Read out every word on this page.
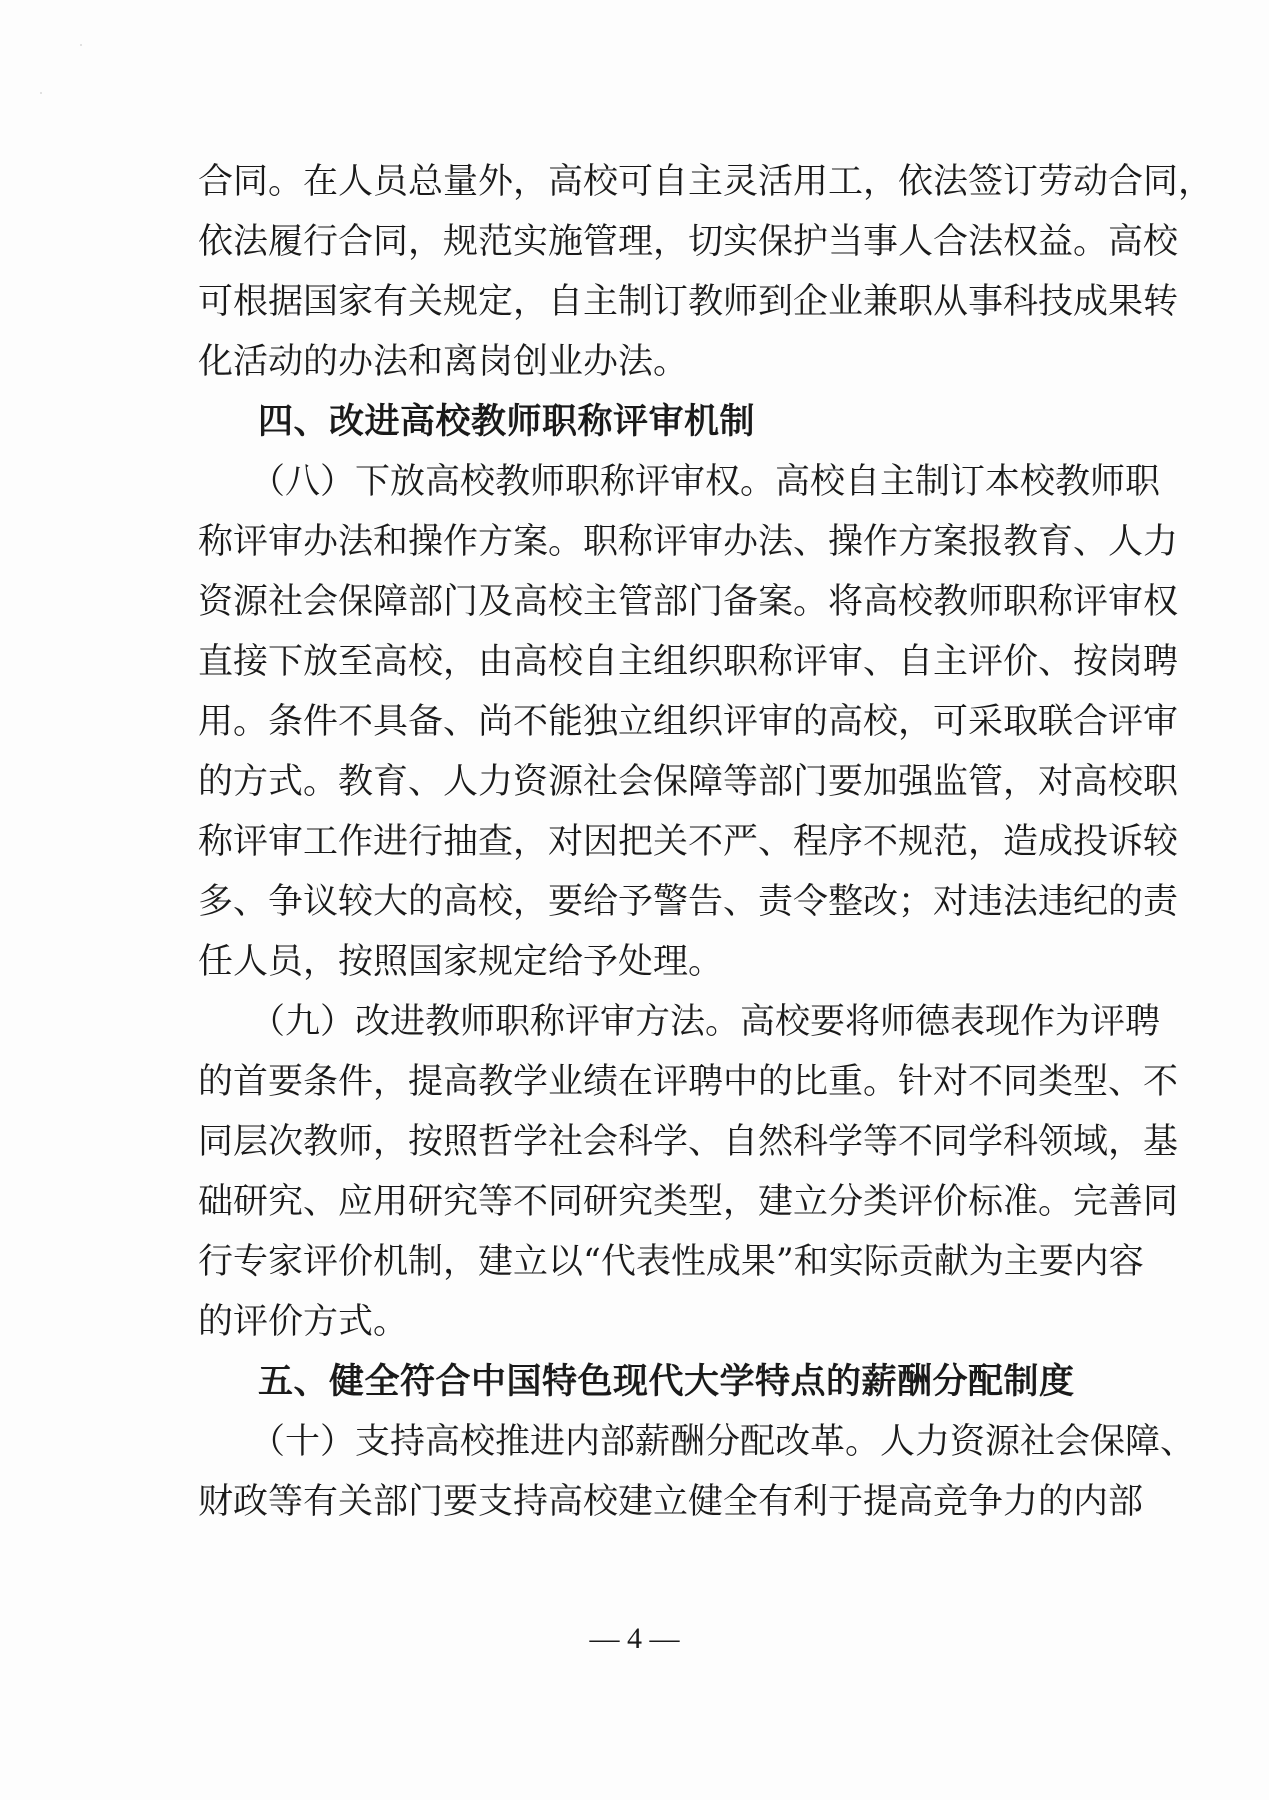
合同。在人员总量外，高校可自主灵活用工，依法签订劳动合同，
依法履行合同，规范实施管理，切实保护当事人合法权益。高校
可根据国家有关规定，自主制订教师到企业兼职从事科技成果转
化活动的办法和离岗创业办法。
四、改进高校教师职称评审机制
（八）下放高校教师职称评审权。高校自主制订本校教师职
称评审办法和操作方案。职称评审办法、操作方案报教育、人力
资源社会保障部门及高校主管部门备案。将高校教师职称评审权
直接下放至高校，由高校自主组织职称评审、自主评价、按岗聘
用。条件不具备、尚不能独立组织评审的高校，可采取联合评审
的方式。教育、人力资源社会保障等部门要加强监管，对高校职
称评审工作进行抽查，对因把关不严、程序不规范，造成投诉较
多、争议较大的高校，要给予警告、责令整改；对违法违纪的责
任人员，按照国家规定给予处理。
（九）改进教师职称评审方法。高校要将师德表现作为评聘
的首要条件，提高教学业绩在评聘中的比重。针对不同类型、不
同层次教师，按照哲学社会科学、自然科学等不同学科领域，基
础研究、应用研究等不同研究类型，建立分类评价标准。完善同
行专家评价机制，建立以“代表性成果”和实际贡献为主要内容
的评价方式。
五、健全符合中国特色现代大学特点的薪酬分配制度
（十）支持高校推进内部薪酬分配改革。人力资源社会保障、
财政等有关部门要支持高校建立健全有利于提高竞争力的内部
— 4 —
